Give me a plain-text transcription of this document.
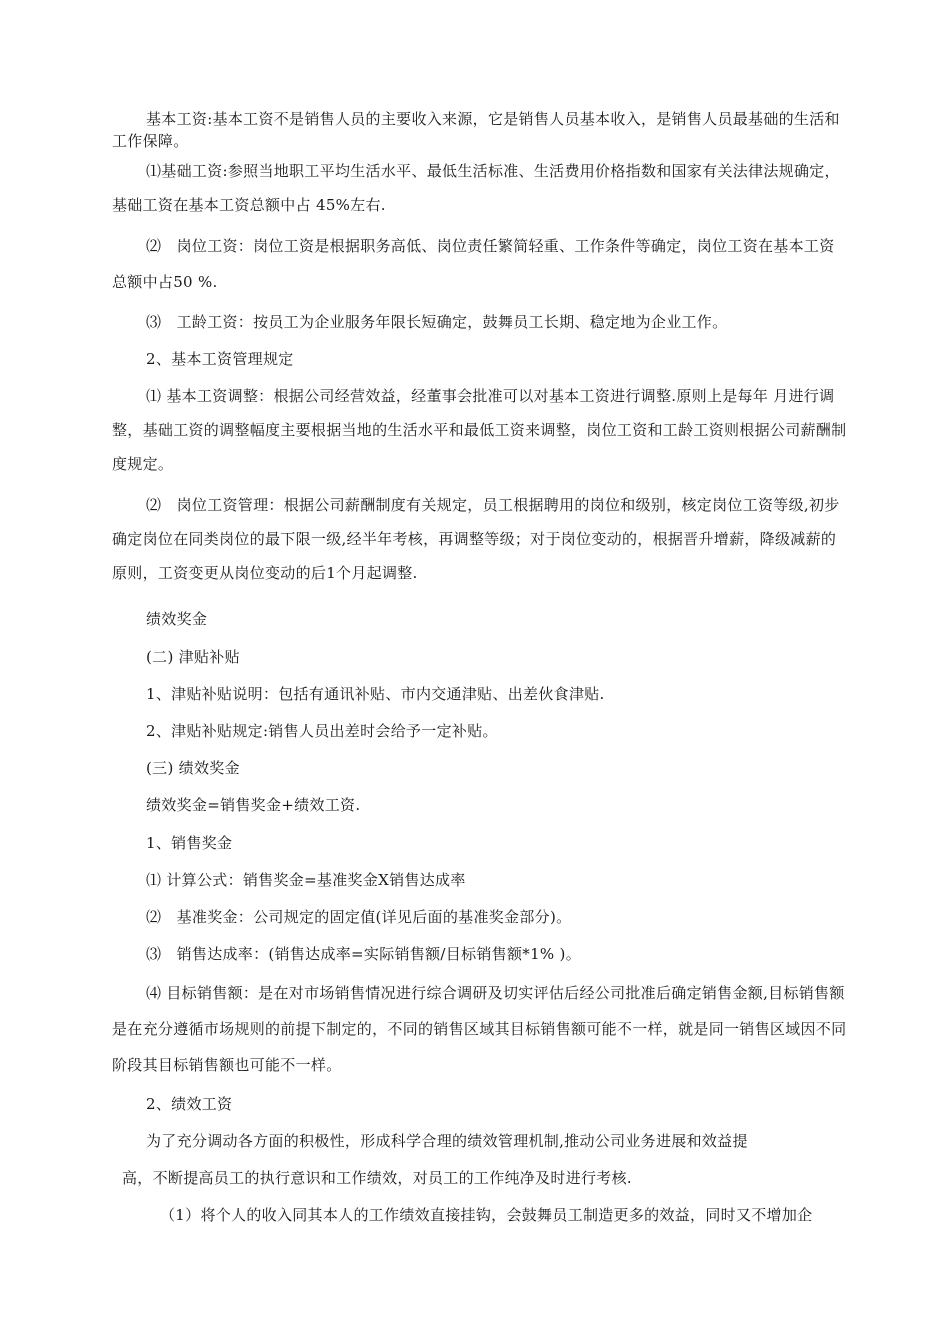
基本工资:基本工资不是销售人员的主要收入来源，它是销售人员基本收入，是销售人员最基础的生活和工作保障。

⑴基础工资:参照当地职工平均生活水平、最低生活标准、生活费用价格指数和国家有关法律法规确定，基础工资在基本工资总额中占 45%左右.

⑵　岗位工资：岗位工资是根据职务高低、岗位责任繁简轻重、工作条件等确定，岗位工资在基本工资总额中占50 %.

⑶　工龄工资：按员工为企业服务年限长短确定，鼓舞员工长期、稳定地为企业工作。

2、基本工资管理规定

⑴ 基本工资调整：根据公司经营效益，经董事会批准可以对基本工资进行调整.原则上是每年 月进行调整，基础工资的调整幅度主要根据当地的生活水平和最低工资来调整，岗位工资和工龄工资则根据公司薪酬制度规定。

⑵　岗位工资管理：根据公司薪酬制度有关规定，员工根据聘用的岗位和级别，核定岗位工资等级,初步确定岗位在同类岗位的最下限一级,经半年考核，再调整等级；对于岗位变动的，根据晋升增薪，降级减薪的原则，工资变更从岗位变动的后1个月起调整.

绩效奖金

(二) 津贴补贴

1、津贴补贴说明：包括有通讯补贴、市内交通津贴、出差伙食津贴.

2、津贴补贴规定:销售人员出差时会给予一定补贴。

(三) 绩效奖金

绩效奖金=销售奖金+绩效工资.

1、销售奖金

⑴ 计算公式：销售奖金=基准奖金X销售达成率

⑵　基准奖金：公司规定的固定值(详见后面的基准奖金部分)。

⑶　销售达成率：(销售达成率=实际销售额/目标销售额*1% )。

⑷ 目标销售额：是在对市场销售情况进行综合调研及切实评估后经公司批准后确定销售金额,目标销售额是在充分遵循市场规则的前提下制定的，不同的销售区域其目标销售额可能不一样，就是同一销售区域因不同阶段其目标销售额也可能不一样。

2、绩效工资

为了充分调动各方面的积极性，形成科学合理的绩效管理机制,推动公司业务进展和效益提

高，不断提高员工的执行意识和工作绩效，对员工的工作纯净及时进行考核.

（1）将个人的收入同其本人的工作绩效直接挂钩，会鼓舞员工制造更多的效益，同时又不增加企
